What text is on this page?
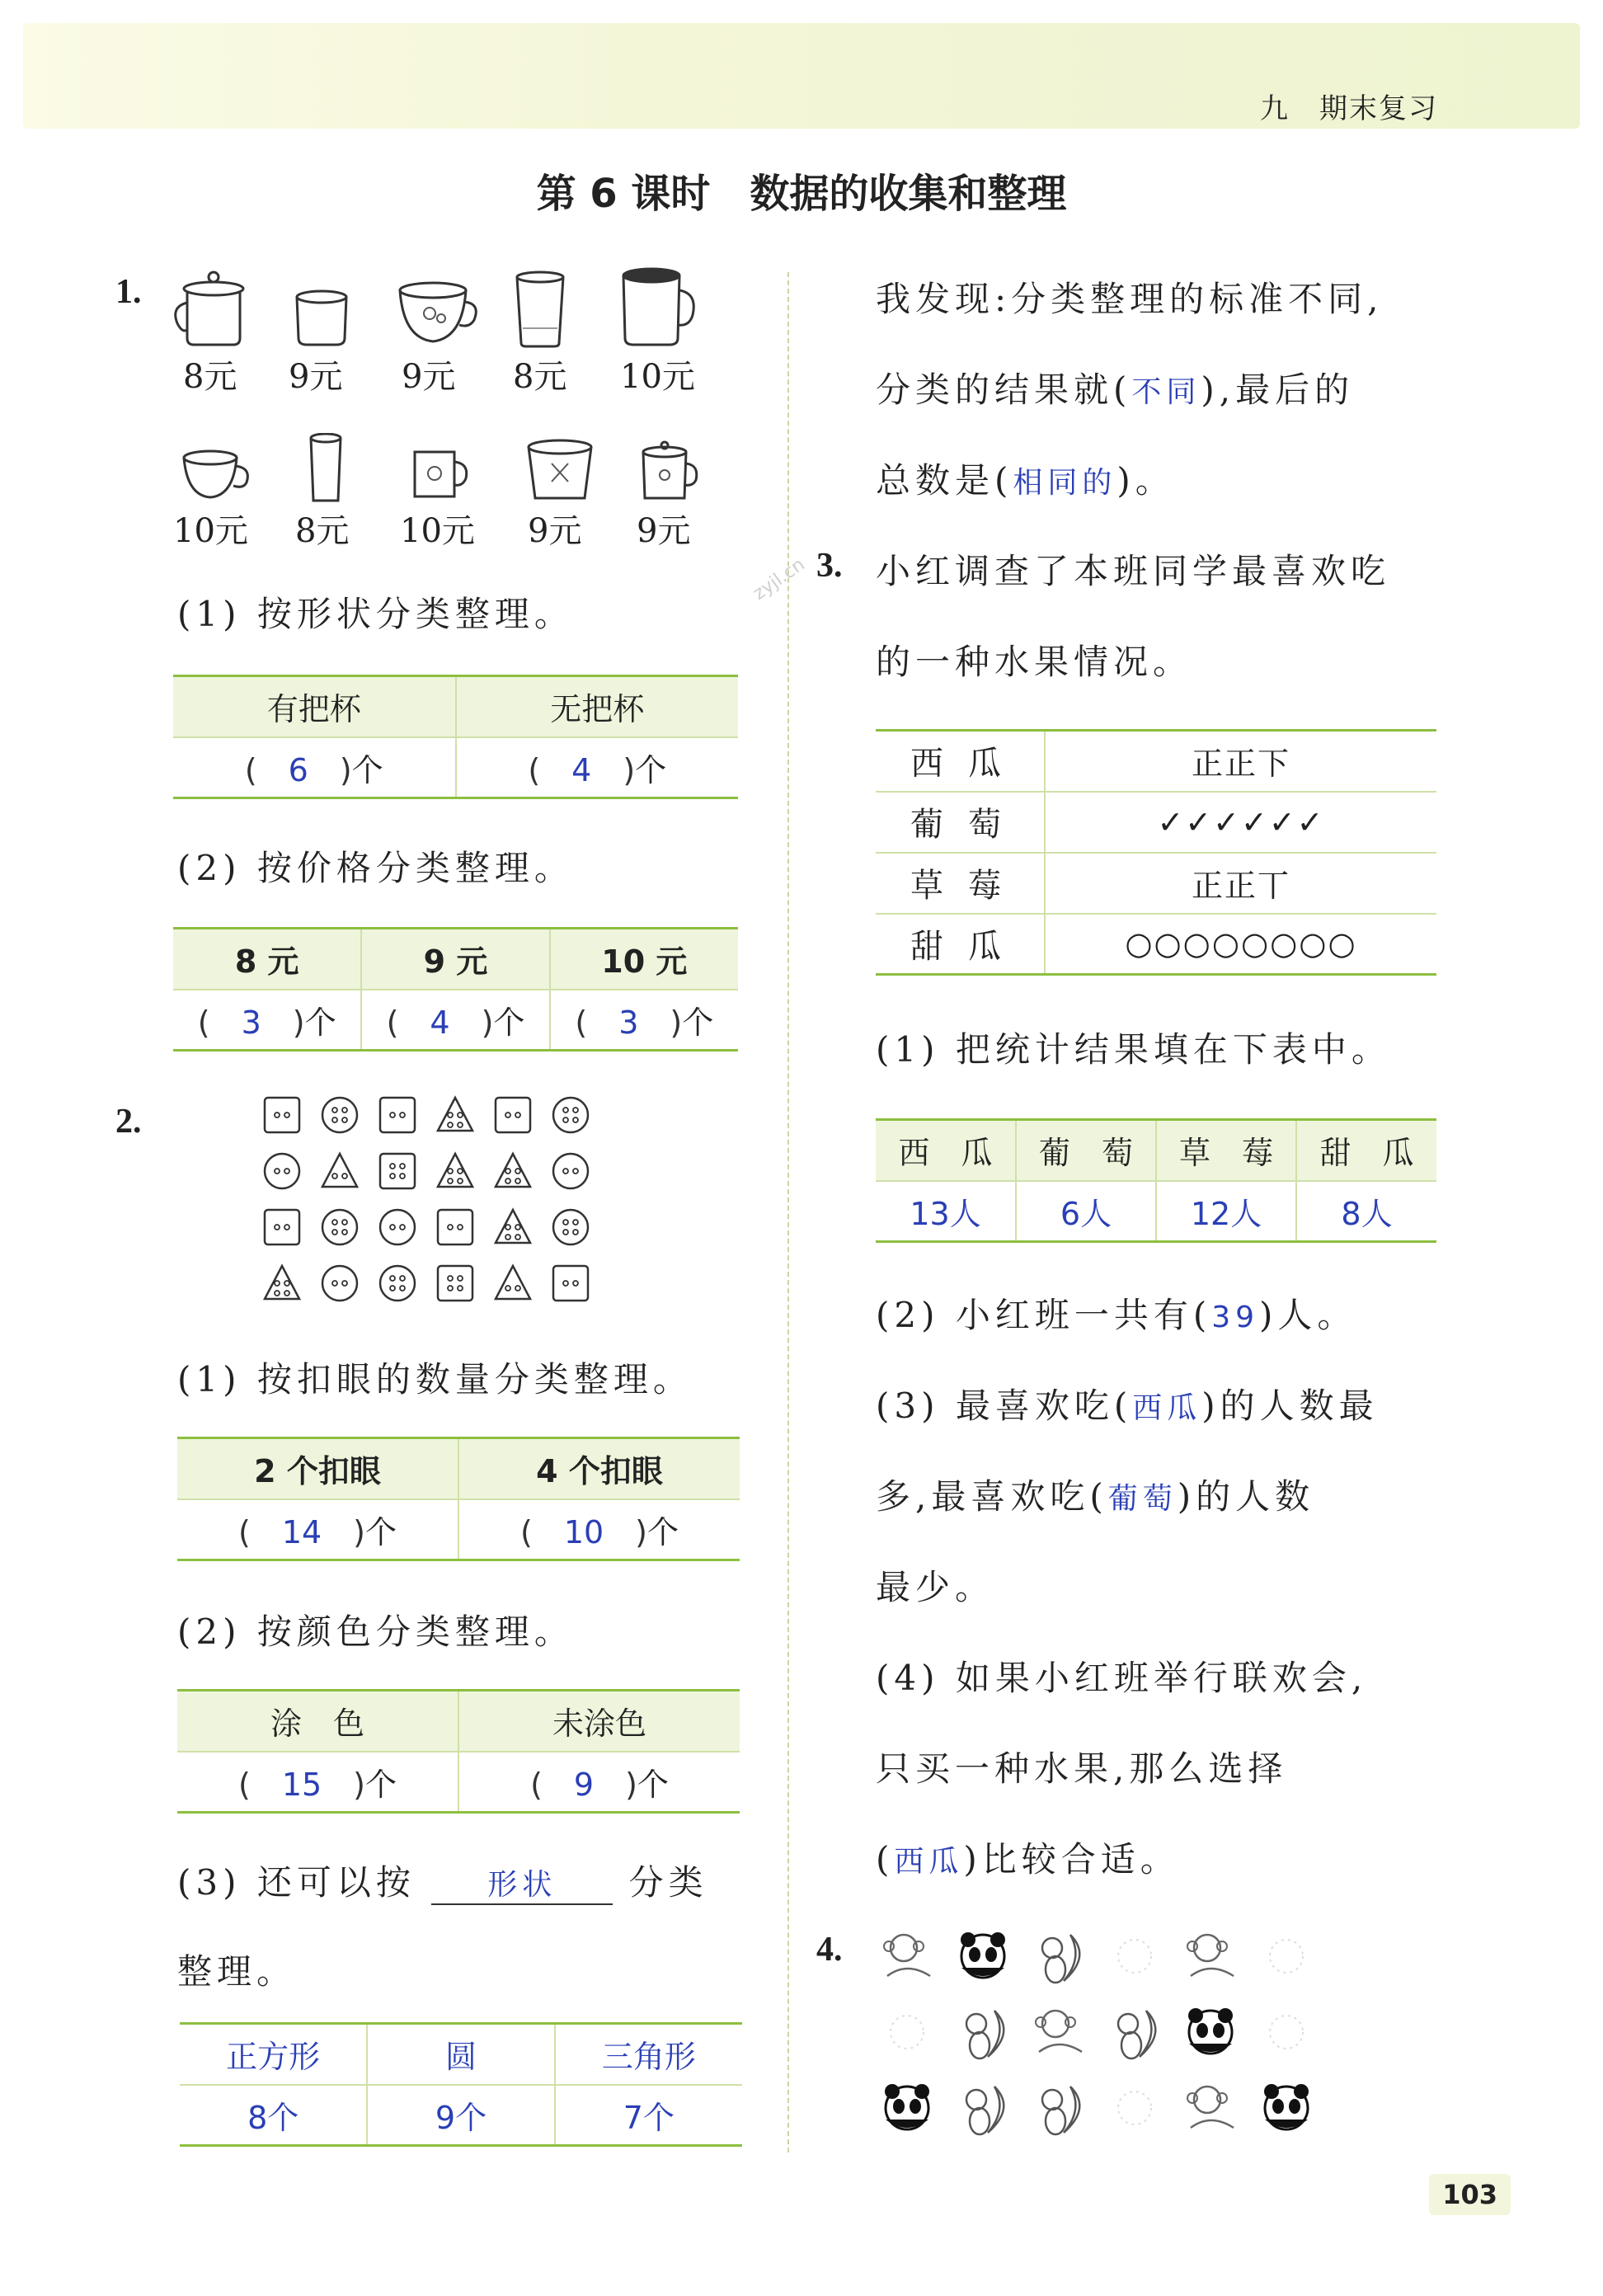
九　期末复习
第 6 课时　数据的收集和整理
zyjl.cn
1.
8元 9元 9元 8元 10元
10元 8元 10元 9元 9元
(1) 按形状分类整理。
有把杯	无把杯
(　6　)个	(　4　)个
(2) 按价格分类整理。
8 元	9 元	10 元
(　3　)个	(　4　)个	(　3　)个
2.
(1) 按扣眼的数量分类整理。
2 个扣眼	4 个扣眼
(　14　)个	(　10　)个
(2) 按颜色分类整理。
涂　色	未涂色
(　15　)个	(　9　)个
(3) 还可以按 形状 分类
整理。
正方形	圆	三角形
8个	9个	7个
我发现:分类整理的标准不同,
分类的结果就(不同),最后的
总数是(相同的)。
3. 小红调查了本班同学最喜欢吃
的一种水果情况。
西瓜	正正下
葡萄	✓✓✓✓✓✓
草莓	正正丅
甜瓜	○○○○○○○○
(1) 把统计结果填在下表中。
西　瓜	葡　萄	草　莓	甜　瓜
13人	6人	12人	8人
(2) 小红班一共有(39)人。
(3) 最喜欢吃(西瓜)的人数最
多,最喜欢吃(葡萄)的人数
最少。
(4) 如果小红班举行联欢会,
只买一种水果,那么选择
(西瓜)比较合适。
4.
103
